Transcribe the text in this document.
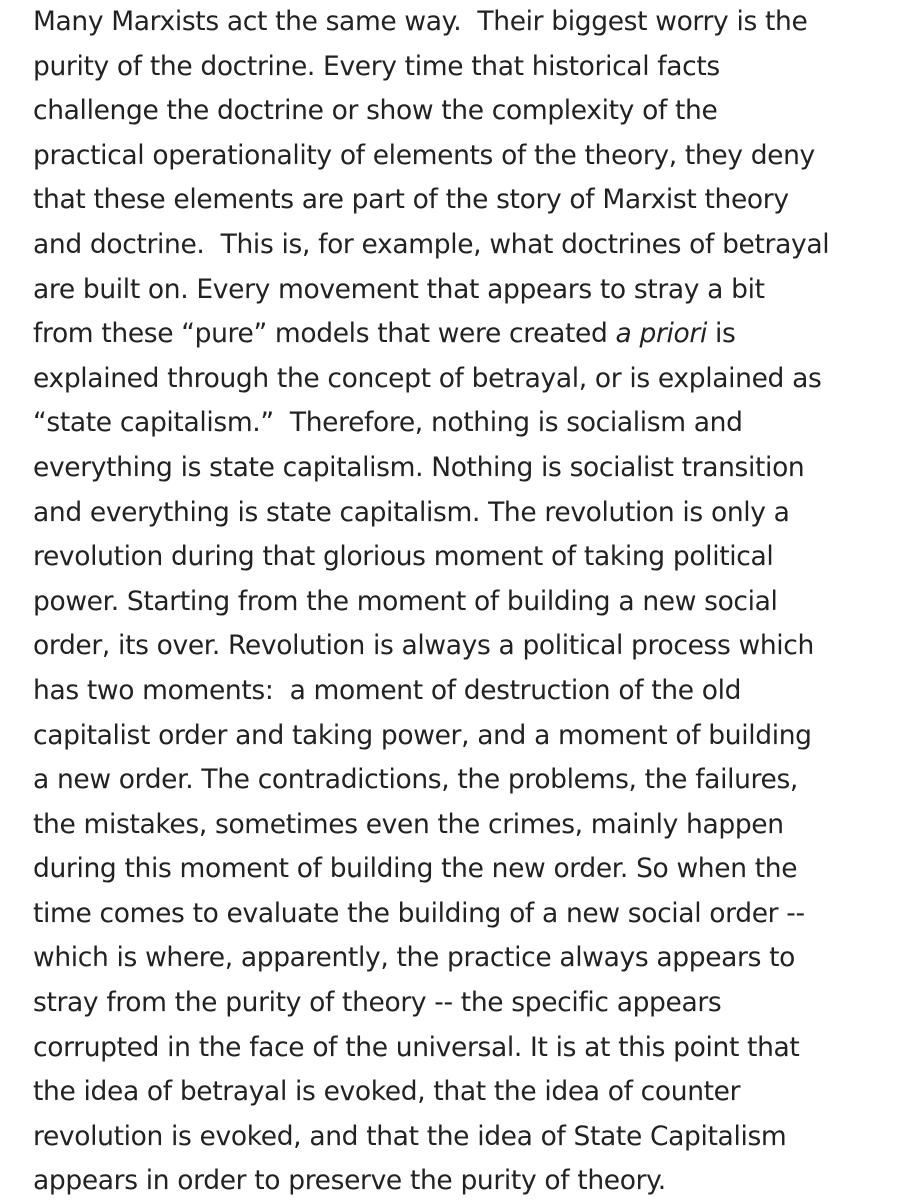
Many Marxists act the same way.  Their biggest worry is the
purity of the doctrine. Every time that historical facts
challenge the doctrine or show the complexity of the
practical operationality of elements of the theory, they deny
that these elements are part of the story of Marxist theory
and doctrine.  This is, for example, what doctrines of betrayal
are built on. Every movement that appears to stray a bit
from these “pure” models that were created a priori is
explained through the concept of betrayal, or is explained as
“state capitalism.”  Therefore, nothing is socialism and
everything is state capitalism. Nothing is socialist transition
and everything is state capitalism. The revolution is only a
revolution during that glorious moment of taking political
power. Starting from the moment of building a new social
order, its over. Revolution is always a political process which
has two moments:  a moment of destruction of the old
capitalist order and taking power, and a moment of building
a new order. The contradictions, the problems, the failures,
the mistakes, sometimes even the crimes, mainly happen
during this moment of building the new order. So when the
time comes to evaluate the building of a new social order --
which is where, apparently, the practice always appears to
stray from the purity of theory -- the specific appears
corrupted in the face of the universal. It is at this point that
the idea of betrayal is evoked, that the idea of counter
revolution is evoked, and that the idea of State Capitalism
appears in order to preserve the purity of theory.
